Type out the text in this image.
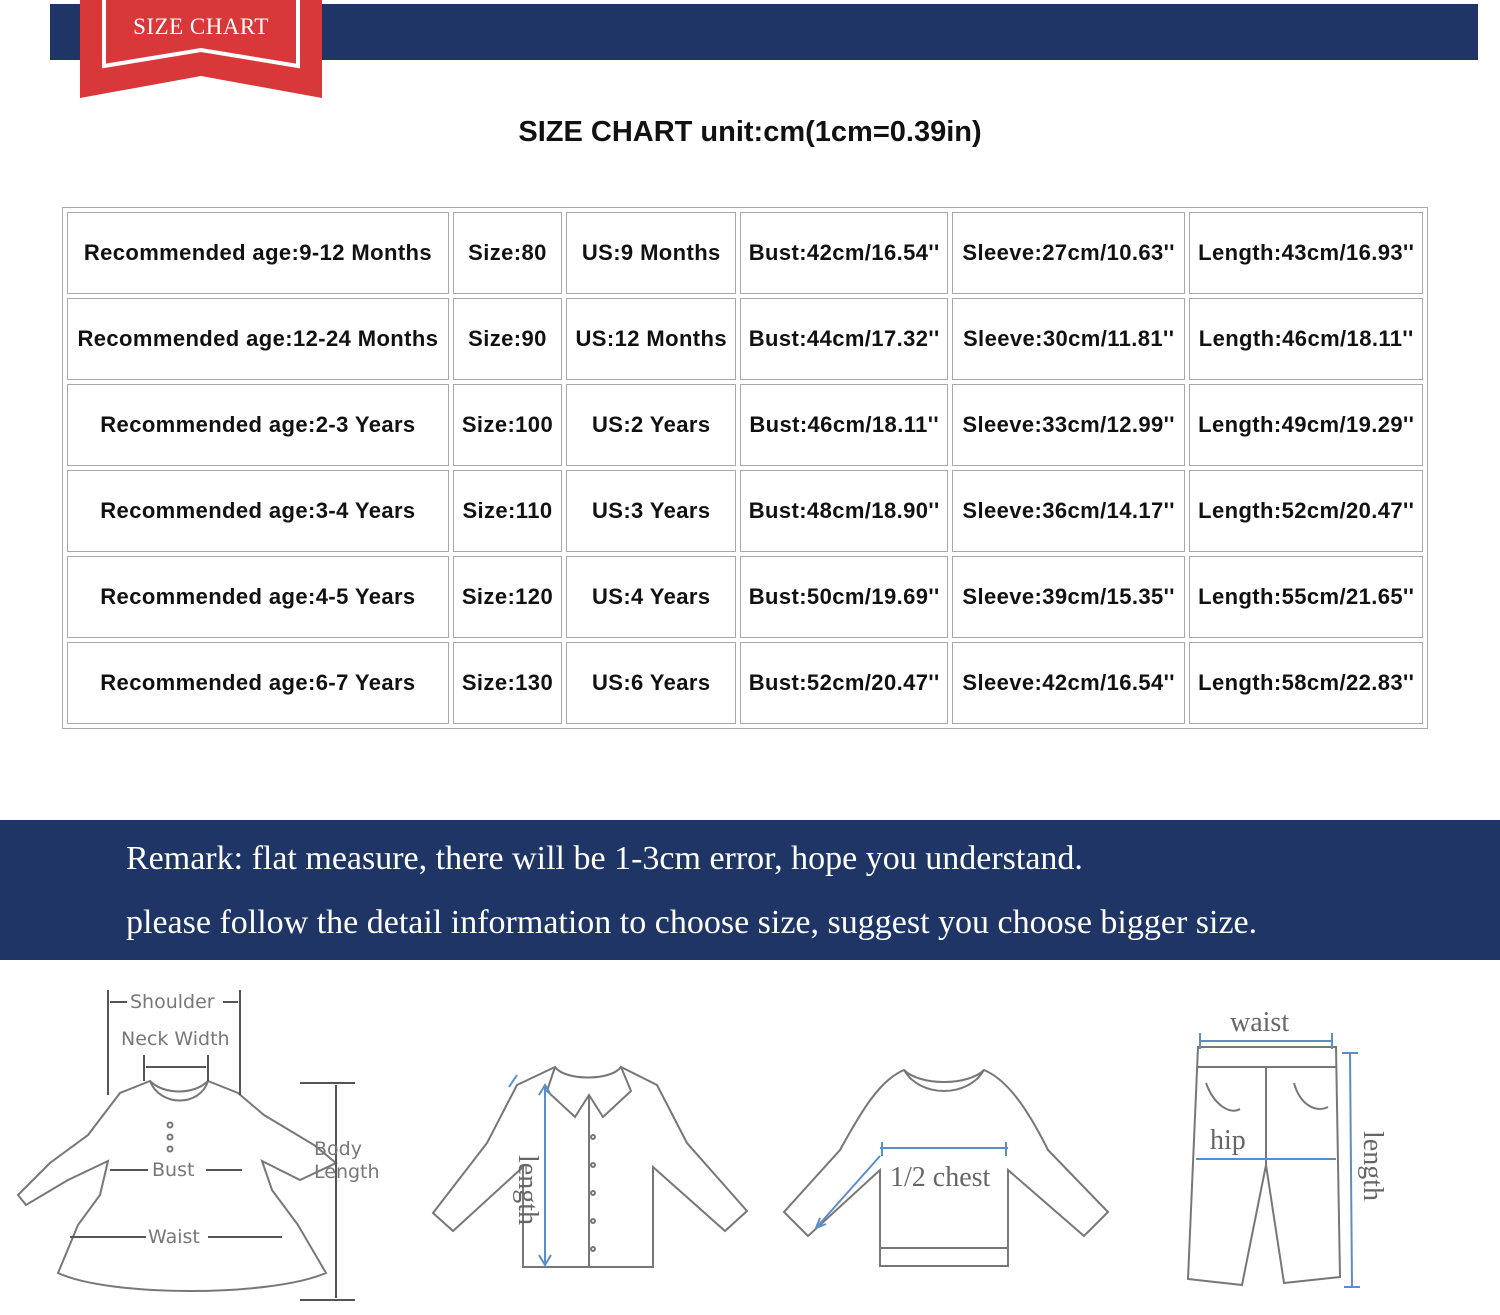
SIZE CHART
SIZE CHART unit:cm(1cm=0.39in)
Recommended age:9-12 Months	Size:80	US:9 Months	Bust:42cm/16.54''	Sleeve:27cm/10.63''	Length:43cm/16.93''
Recommended age:12-24 Months	Size:90	US:12 Months	Bust:44cm/17.32''	Sleeve:30cm/11.81''	Length:46cm/18.11''
Recommended age:2-3 Years	Size:100	US:2 Years	Bust:46cm/18.11''	Sleeve:33cm/12.99''	Length:49cm/19.29''
Recommended age:3-4 Years	Size:110	US:3 Years	Bust:48cm/18.90''	Sleeve:36cm/14.17''	Length:52cm/20.47''
Recommended age:4-5 Years	Size:120	US:4 Years	Bust:50cm/19.69''	Sleeve:39cm/15.35''	Length:55cm/21.65''
Recommended age:6-7 Years	Size:130	US:6 Years	Bust:52cm/20.47''	Sleeve:42cm/16.54''	Length:58cm/22.83''
Remark: flat measure, there will be 1-3cm error, hope you understand.
please follow the detail information to choose size, suggest you choose bigger size.
Shoulder
Neck Width
Body
Length
Bust
Waist
length	1/2 chest
waist
hip	length
